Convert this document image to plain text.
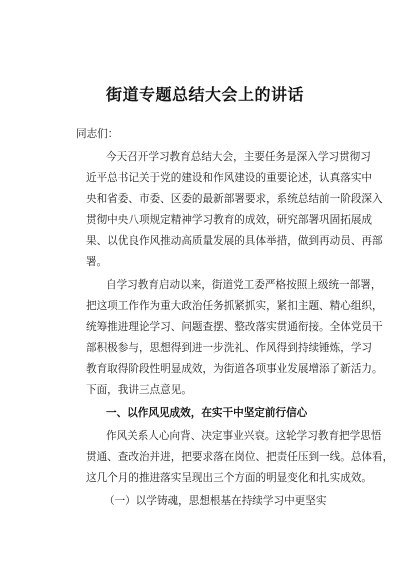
街道专题总结大会上的讲话
同志们：
今天召开学习教育总结大会，主要任务是深入学习贯彻习
近平总书记关于党的建设和作风建设的重要论述，认真落实中
央和省委、市委、区委的最新部署要求，系统总结前一阶段深入
贯彻中央八项规定精神学习教育的成效，研究部署巩固拓展成
果、以优良作风推动高质量发展的具体举措，做到再动员、再部
署。
自学习教育启动以来，街道党工委严格按照上级统一部署，
把这项工作作为重大政治任务抓紧抓实，紧扣主题、精心组织，
统筹推进理论学习、问题查摆、整改落实贯通衔接。全体党员干
部积极参与，思想得到进一步洗礼、作风得到持续锤炼，学习
教育取得阶段性明显成效，为街道各项事业发展增添了新活力。
下面，我讲三点意见。
一、以作风见成效，在实干中坚定前行信心
作风关系人心向背、决定事业兴衰。这轮学习教育把学思悟
贯通、查改治并进，把要求落在岗位、把责任压到一线。总体看，
这几个月的推进落实呈现出三个方面的明显变化和扎实成效。
（一）以学铸魂，思想根基在持续学习中更坚实
